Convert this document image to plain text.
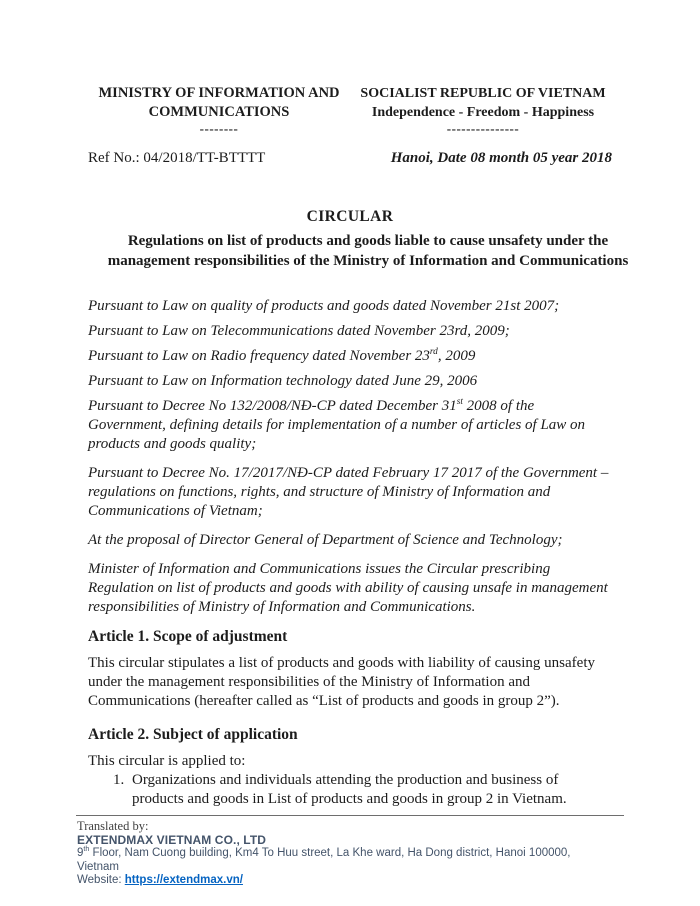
MINISTRY OF INFORMATION AND COMMUNICATIONS
--------
SOCIALIST REPUBLIC OF VIETNAM
Independence - Freedom - Happiness
---------------
Ref No.: 04/2018/TT-BTTTT	Hanoi, Date 08 month 05 year 2018
CIRCULAR
Regulations on list of products and goods liable to cause unsafety under the management responsibilities of the Ministry of Information and Communications

Pursuant to Law on quality of products and goods dated November 21st 2007;

Pursuant to Law on Telecommunications dated November 23rd, 2009;

Pursuant to Law on Radio frequency dated November 23rd, 2009

Pursuant to Law on Information technology dated June 29, 2006

Pursuant to Decree No 132/2008/NĐ-CP dated December 31st 2008 of the Government, defining details for implementation of a number of articles of Law on products and goods quality;

Pursuant to Decree No. 17/2017/NĐ-CP dated February 17 2017 of the Government – regulations on functions, rights, and structure of Ministry of Information and Communications of Vietnam;

At the proposal of Director General of Department of Science and Technology;

Minister of Information and Communications issues the Circular prescribing Regulation on list of products and goods with ability of causing unsafe in management responsibilities of Ministry of Information and Communications.

Article 1. Scope of adjustment

This circular stipulates a list of products and goods with liability of causing unsafety under the management responsibilities of the Ministry of Information and Communications (hereafter called as “List of products and goods in group 2”).

Article 2. Subject of application

This circular is applied to:

1. Organizations and individuals attending the production and business of products and goods in List of products and goods in group 2 in Vietnam.
Translated by:
EXTENDMAX VIETNAM CO., LTD
9th Floor, Nam Cuong building, Km4 To Huu street, La Khe ward, Ha Dong district, Hanoi 100000, Vietnam
Website: https://extendmax.vn/
